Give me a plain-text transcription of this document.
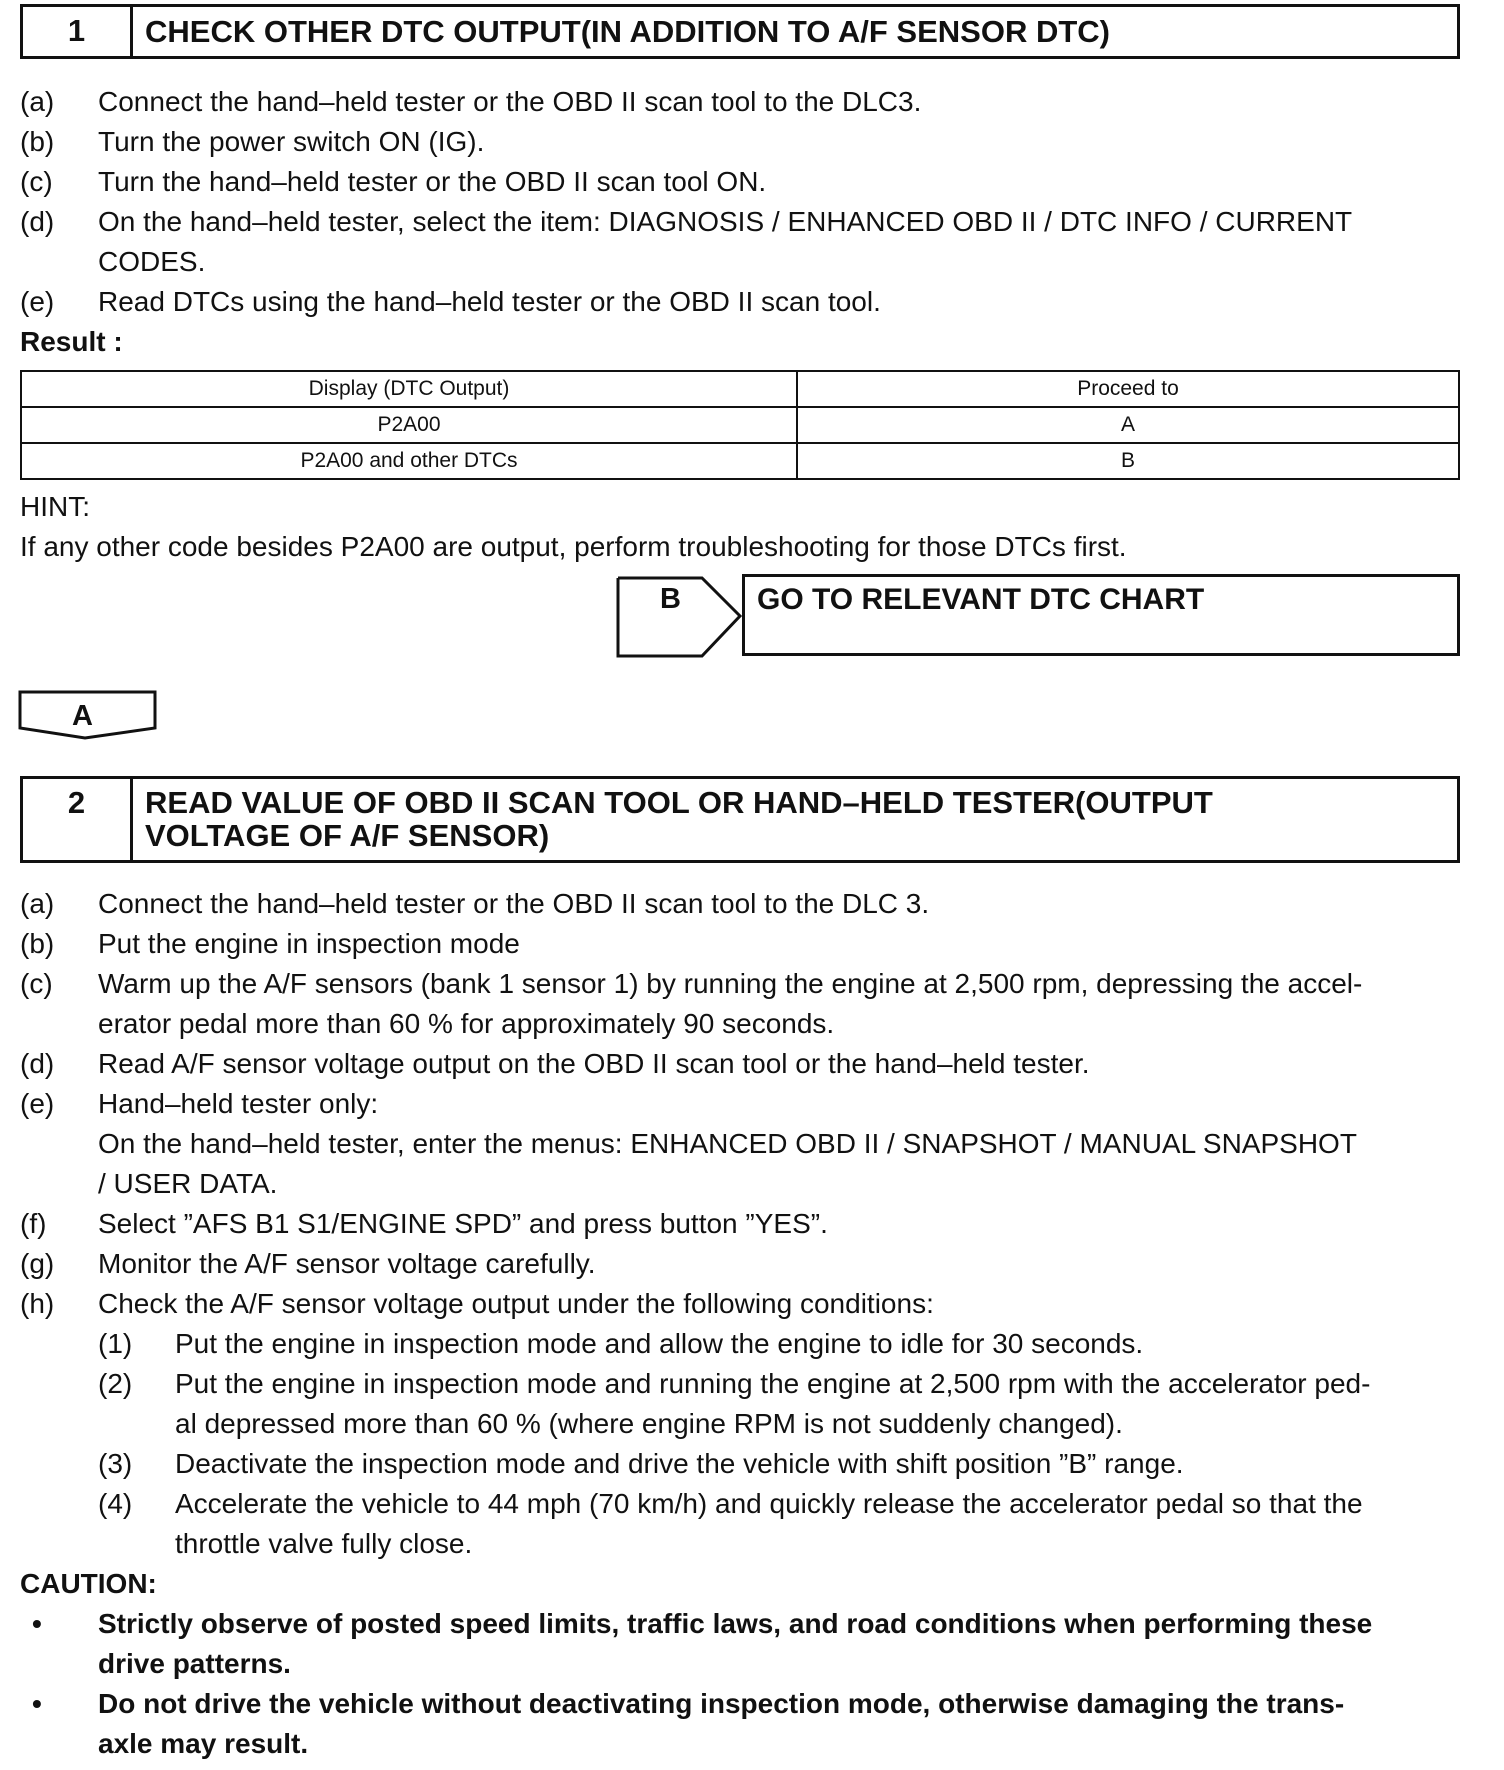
1	CHECK OTHER DTC OUTPUT(IN ADDITION TO A/F SENSOR DTC)
(a) Connect the hand–held tester or the OBD II scan tool to the DLC3.
(b) Turn the power switch ON (IG).
(c) Turn the hand–held tester or the OBD II scan tool ON.
(d) On the hand–held tester, select the item: DIAGNOSIS / ENHANCED OBD II / DTC INFO / CURRENT
CODES.
(e) Read DTCs using the hand–held tester or the OBD II scan tool.
Result :
Display (DTC Output)	Proceed to
P2A00	A
P2A00 and other DTCs	B
HINT:
If any other code besides P2A00 are output, perform troubleshooting for those DTCs first.
B	GO TO RELEVANT DTC CHART
A
2	READ VALUE OF OBD II SCAN TOOL OR HAND–HELD TESTER(OUTPUT
VOLTAGE OF A/F SENSOR)
(a) Connect the hand–held tester or the OBD II scan tool to the DLC 3.
(b) Put the engine in inspection mode
(c) Warm up the A/F sensors (bank 1 sensor 1) by running the engine at 2,500 rpm, depressing the accel-
erator pedal more than 60 % for approximately 90 seconds.
(d) Read A/F sensor voltage output on the OBD II scan tool or the hand–held tester.
(e) Hand–held tester only:
On the hand–held tester, enter the menus: ENHANCED OBD II / SNAPSHOT / MANUAL SNAPSHOT
/ USER DATA.
(f) Select ”AFS B1 S1/ENGINE SPD” and press button ”YES”.
(g) Monitor the A/F sensor voltage carefully.
(h) Check the A/F sensor voltage output under the following conditions:
(1) Put the engine in inspection mode and allow the engine to idle for 30 seconds.
(2) Put the engine in inspection mode and running the engine at 2,500 rpm with the accelerator ped-
al depressed more than 60 % (where engine RPM is not suddenly changed).
(3) Deactivate the inspection mode and drive the vehicle with shift position ”B” range.
(4) Accelerate the vehicle to 44 mph (70 km/h) and quickly release the accelerator pedal so that the
throttle valve fully close.
CAUTION:
• Strictly observe of posted speed limits, traffic laws, and road conditions when performing these
drive patterns.
• Do not drive the vehicle without deactivating inspection mode, otherwise damaging the trans-
axle may result.
